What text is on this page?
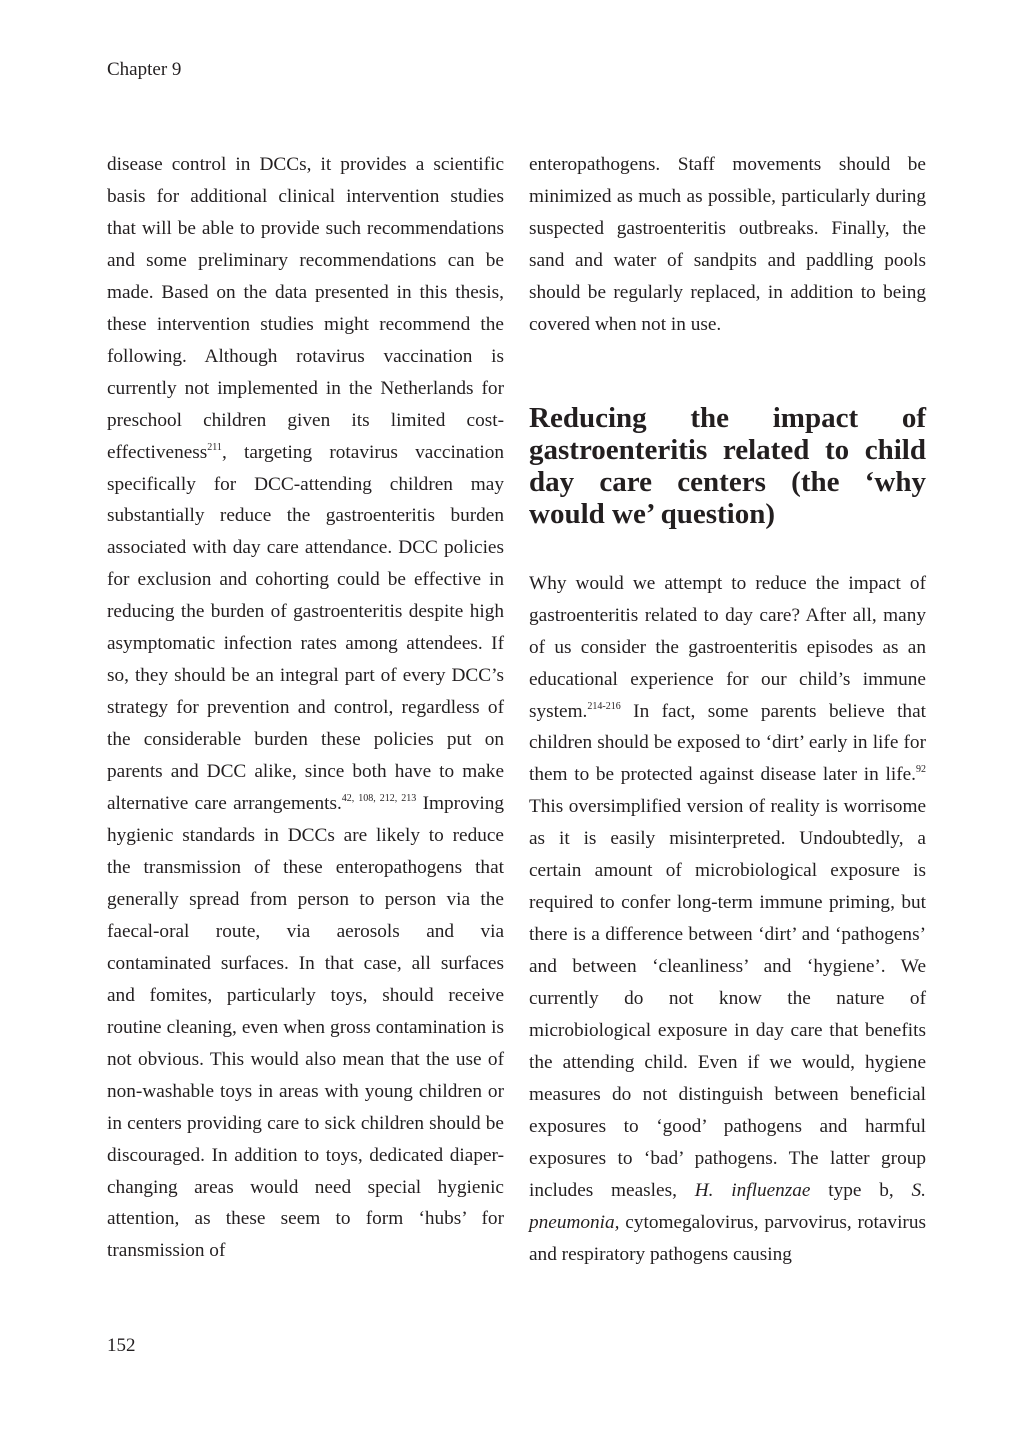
Chapter 9

disease control in DCCs, it provides a scientific basis for additional clinical intervention studies that will be able to provide such recommendations and some preliminary recommendations can be made. Based on the data presented in this thesis, these intervention studies might recommend the following. Although rotavirus vaccination is currently not implemented in the Netherlands for preschool children given its limited cost-effectiveness$^{211}$, targeting rotavirus vaccination specifically for DCC-attending children may substantially reduce the gastroenteritis burden associated with day care attendance. DCC policies for exclusion and cohorting could be effective in reducing the burden of gastroenteritis despite high asymptomatic infection rates among attendees. If so, they should be an integral part of every DCC’s strategy for prevention and control, regardless of the considerable burden these policies put on parents and DCC alike, since both have to make alternative care arrangements.$^{42, 108, 212, 213}$ Improving hygienic standards in DCCs are likely to reduce the transmission of these enteropathogens that generally spread from person to person via the faecal-oral route, via aerosols and via contaminated surfaces. In that case, all surfaces and fomites, particularly toys, should receive routine cleaning, even when gross contamination is not obvious. This would also mean that the use of non-washable toys in areas with young children or in centers providing care to sick children should be discouraged. In addition to toys, dedicated diaper-changing areas would need special hygienic attention, as these seem to form ‘hubs’ for transmission of

enteropathogens. Staff movements should be minimized as much as possible, particularly during suspected gastroenteritis outbreaks. Finally, the sand and water of sandpits and paddling pools should be regularly replaced, in addition to being covered when not in use.

Reducing the impact of gastroenteritis related to child day care centers (the ‘why would we’ question)

Why would we attempt to reduce the impact of gastroenteritis related to day care? After all, many of us consider the gastroenteritis episodes as an educational experience for our child’s immune system.$^{214-216}$ In fact, some parents believe that children should be exposed to ‘dirt’ early in life for them to be protected against disease later in life.$^{92}$ This oversimplified version of reality is worrisome as it is easily misinterpreted. Undoubtedly, a certain amount of microbiological exposure is required to confer long-term immune priming, but there is a difference between ‘dirt’ and ‘pathogens’ and between ‘cleanliness’ and ‘hygiene’. We currently do not know the nature of microbiological exposure in day care that benefits the attending child. Even if we would, hygiene measures do not distinguish between beneficial exposures to ‘good’ pathogens and harmful exposures to ‘bad’ pathogens. The latter group includes measles, H. influenzae type b, S. pneumonia, cytomegalovirus, parvovirus, rotavirus and respiratory pathogens causing

152
